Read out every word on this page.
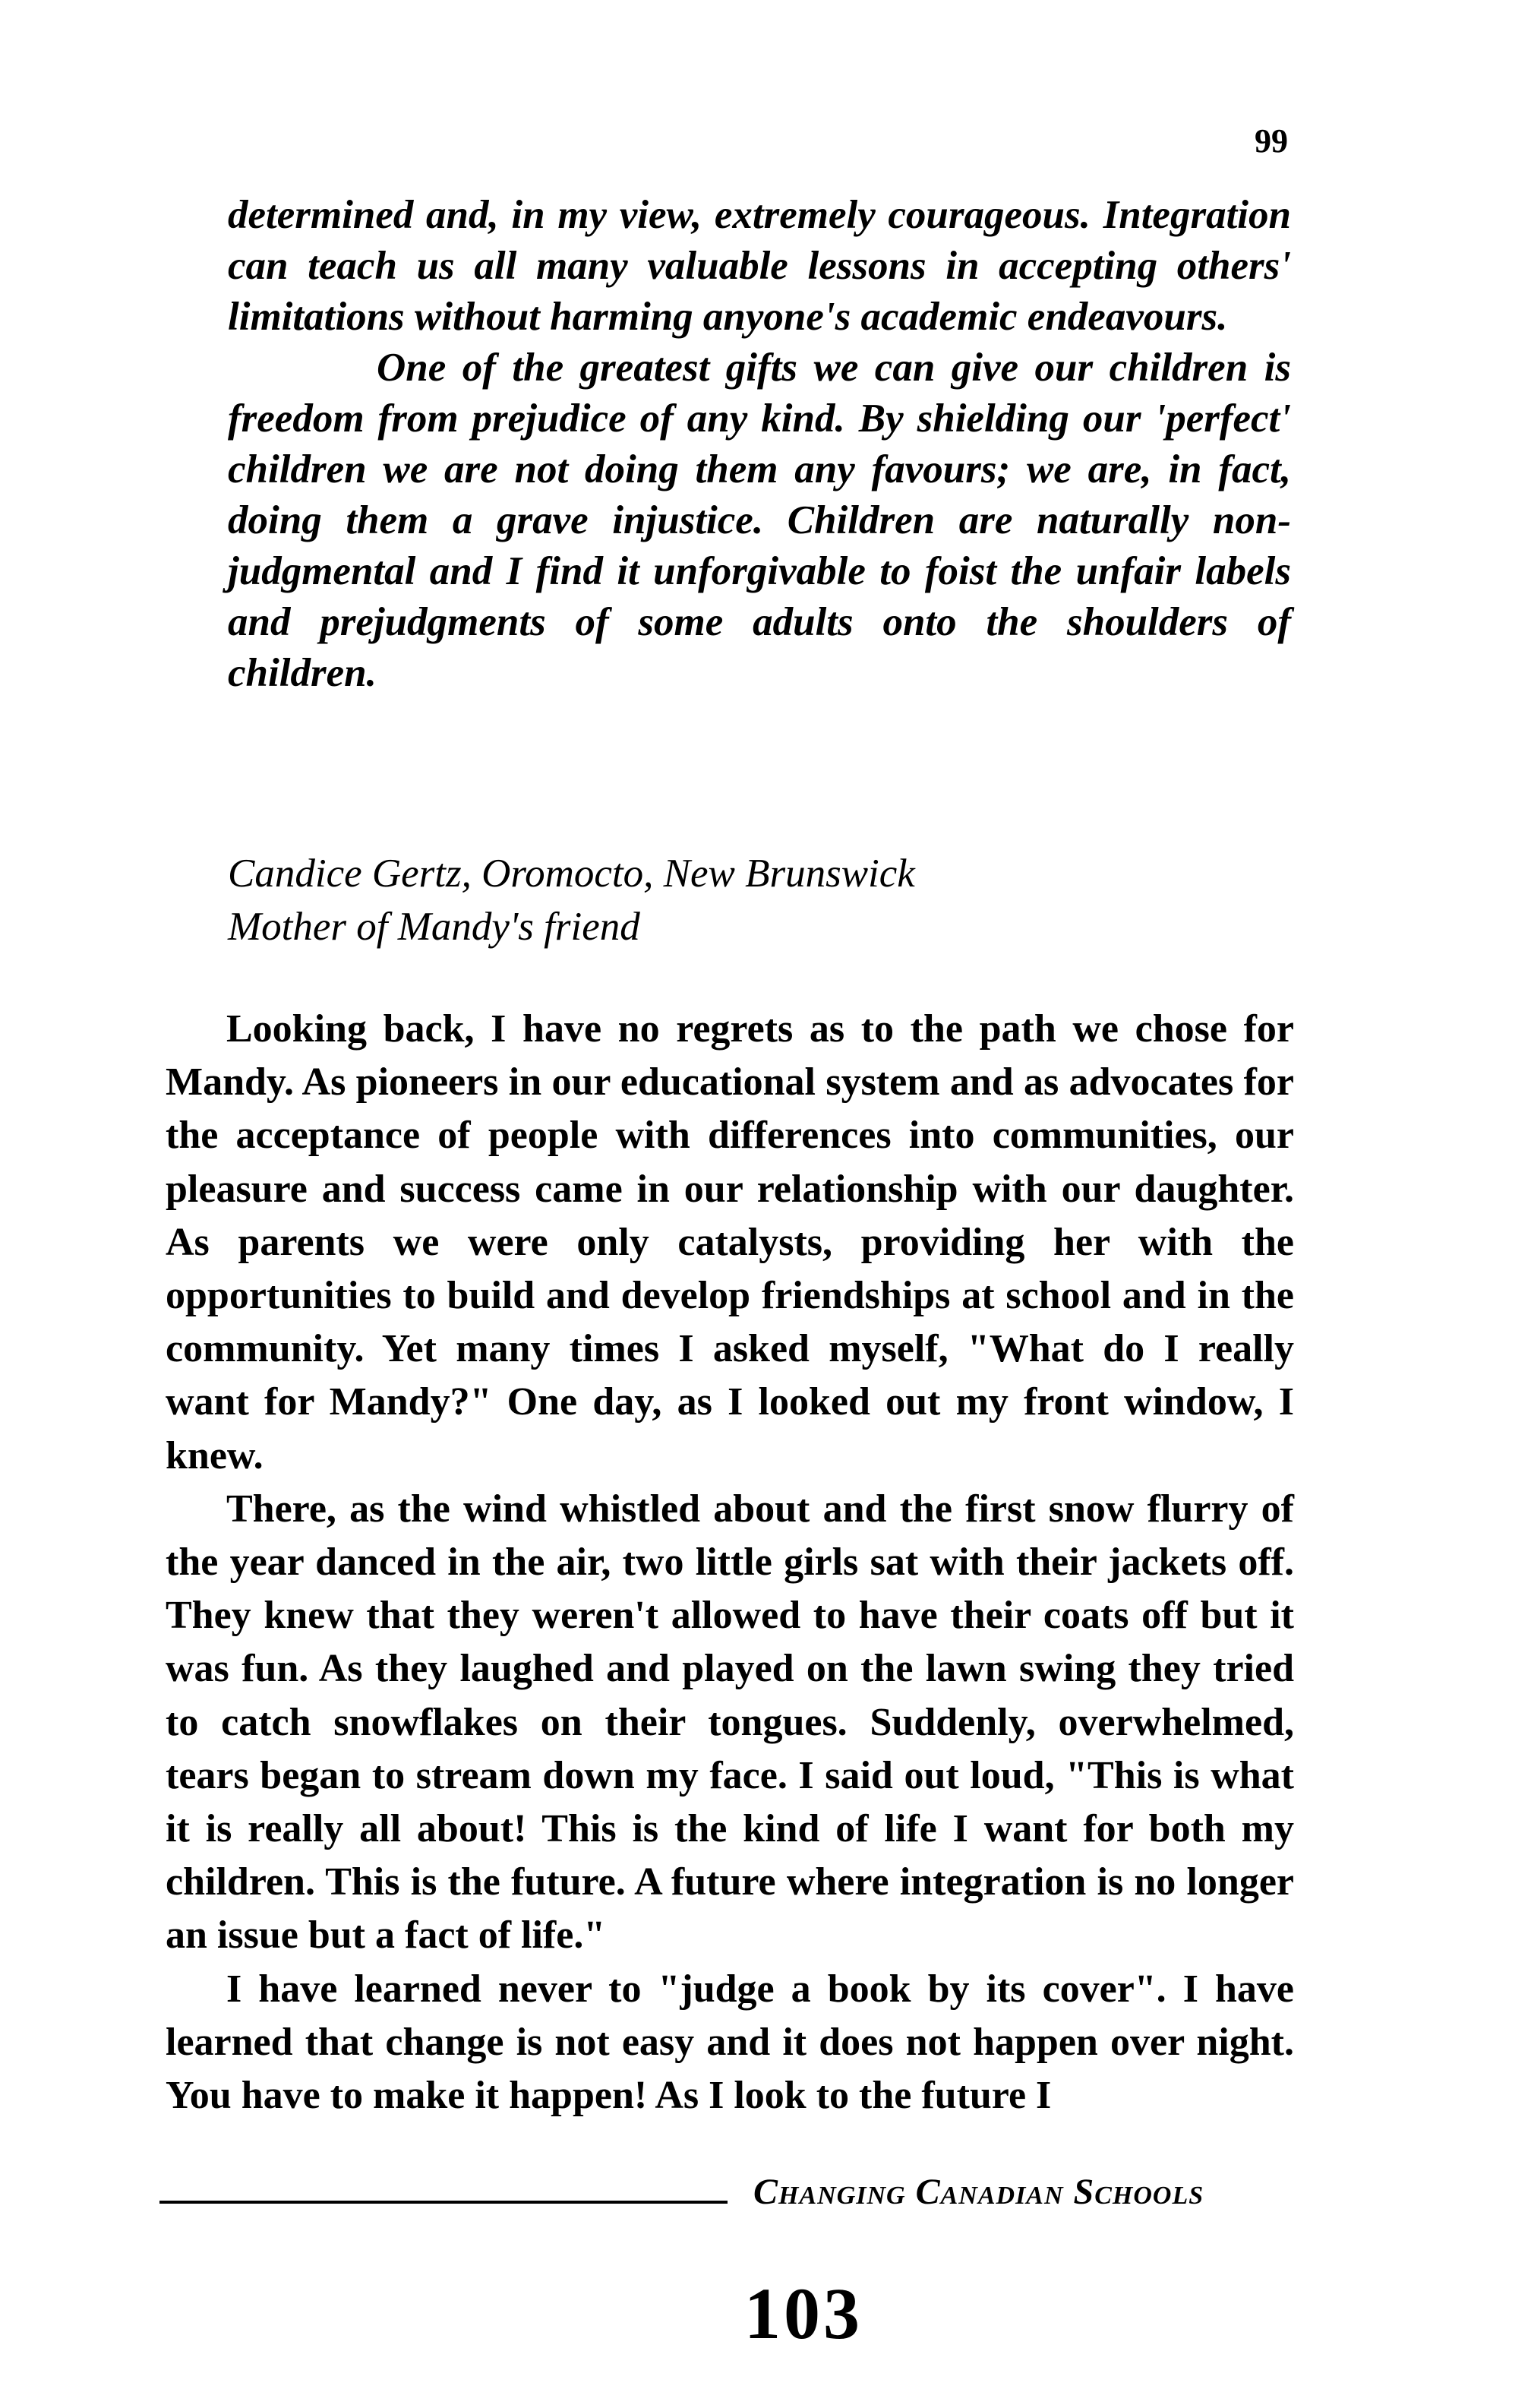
99

determined and, in my view, extremely courageous. Integration can teach us all many valuable lessons in accepting others' limitations without harming anyone's academic endeavours.

One of the greatest gifts we can give our children is freedom from prejudice of any kind. By shielding our 'perfect' children we are not doing them any favours; we are, in fact, doing them a grave injustice. Children are naturally non-judgmental and I find it unforgivable to foist the unfair labels and prejudgments of some adults onto the shoulders of children.

Candice Gertz, Oromocto, New Brunswick
Mother of Mandy's friend

Looking back, I have no regrets as to the path we chose for Mandy. As pioneers in our educational system and as advocates for the acceptance of people with differences into communities, our pleasure and success came in our relationship with our daughter. As parents we were only catalysts, providing her with the opportunities to build and develop friendships at school and in the community. Yet many times I asked myself, "What do I really want for Mandy?" One day, as I looked out my front window, I knew.

There, as the wind whistled about and the first snow flurry of the year danced in the air, two little girls sat with their jackets off. They knew that they weren't allowed to have their coats off but it was fun. As they laughed and played on the lawn swing they tried to catch snowflakes on their tongues. Suddenly, overwhelmed, tears began to stream down my face. I said out loud, "This is what it is really all about! This is the kind of life I want for both my children. This is the future. A future where integration is no longer an issue but a fact of life."

I have learned never to "judge a book by its cover". I have learned that change is not easy and it does not happen over night. You have to make it happen! As I look to the future I

Changing Canadian Schools
103
